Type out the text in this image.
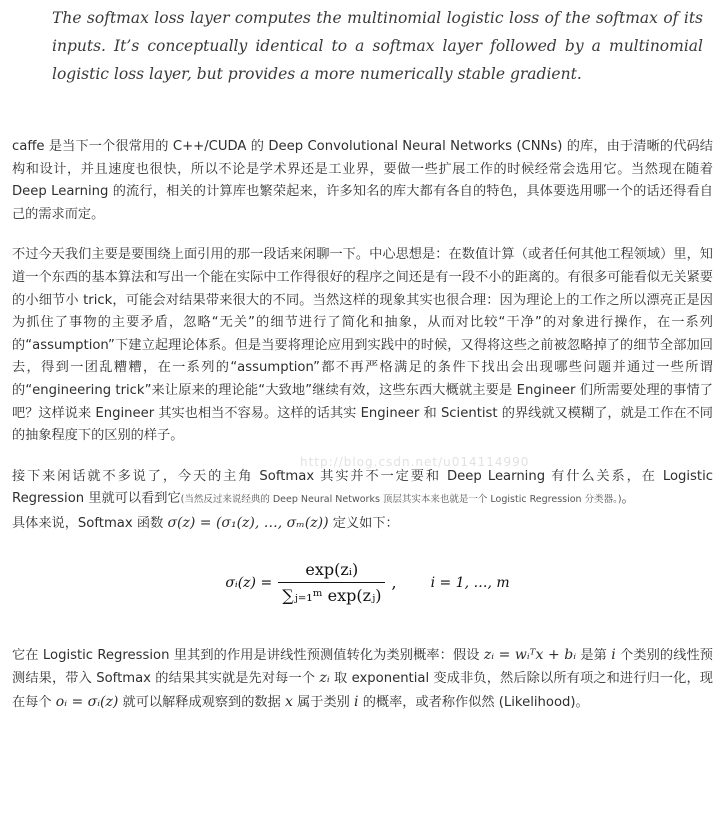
The softmax loss layer computes the multinomial logistic loss of the softmax of its inputs. It’s conceptually identical to a softmax layer followed by a multinomial logistic loss layer, but provides a more numerically stable gradient.

caffe 是当下一个很常用的 C++/CUDA 的 Deep Convolutional Neural Networks (CNNs) 的库，由于清晰的代码结构和设计，并且速度也很快，所以不论是学术界还是工业界，要做一些扩展工作的时候经常会选用它。当然现在随着 Deep Learning 的流行，相关的计算库也繁荣起来，许多知名的库大都有各自的特色，具体要选用哪一个的话还得看自己的需求而定。

不过今天我们主要是要围绕上面引用的那一段话来闲聊一下。中心思想是：在数值计算（或者任何其他工程领域）里，知道一个东西的基本算法和写出一个能在实际中工作得很好的程序之间还是有一段不小的距离的。有很多可能看似无关紧要的小细节小 trick，可能会对结果带来很大的不同。当然这样的现象其实也很合理：因为理论上的工作之所以漂亮正是因为抓住了事物的主要矛盾，忽略“无关”的细节进行了简化和抽象，从而对比较“干净”的对象进行操作，在一系列的“assumption”下建立起理论体系。但是当要将理论应用到实践中的时候，又得将这些之前被忽略掉了的细节全部加回去，得到一团乱糟糟，在一系列的“assumption”都不再严格满足的条件下找出会出现哪些问题并通过一些所谓的“engineering trick”来让原来的理论能“大致地”继续有效，这些东西大概就主要是 Engineer 们所需要处理的事情了吧？这样说来 Engineer 其实也相当不容易。这样的话其实 Engineer 和 Scientist 的界线就又模糊了，就是工作在不同的抽象程度下的区别的样子。

接下来闲话就不多说了，今天的主角 Softmax 其实并不一定要和 Deep Learning 有什么关系，在 Logistic Regression 里就可以看到它(当然反过来说经典的 Deep Neural Networks 顶层其实本来也就是一个 Logistic Regression 分类器。)。
具体来说，Softmax 函数 σ(z) = (σ₁(z), …, σₘ(z)) 定义如下：

σᵢ(z) = $\frac{\text{exp(zᵢ)}}{\text{∑ⱼ₌₁ᵐ exp(zⱼ)}}$ , i = 1, …, m

它在 Logistic Regression 里其到的作用是讲线性预测值转化为类别概率：假设 zᵢ = wᵢᵀx + bᵢ 是第 i 个类别的线性预测结果，带入 Softmax 的结果其实就是先对每一个 zᵢ 取 exponential 变成非负，然后除以所有项之和进行归一化，现在每个 oᵢ = σᵢ(z) 就可以解释成观察到的数据 x 属于类别 i 的概率，或者称作似然 (Likelihood)。

http://blog.csdn.net/u014114990
